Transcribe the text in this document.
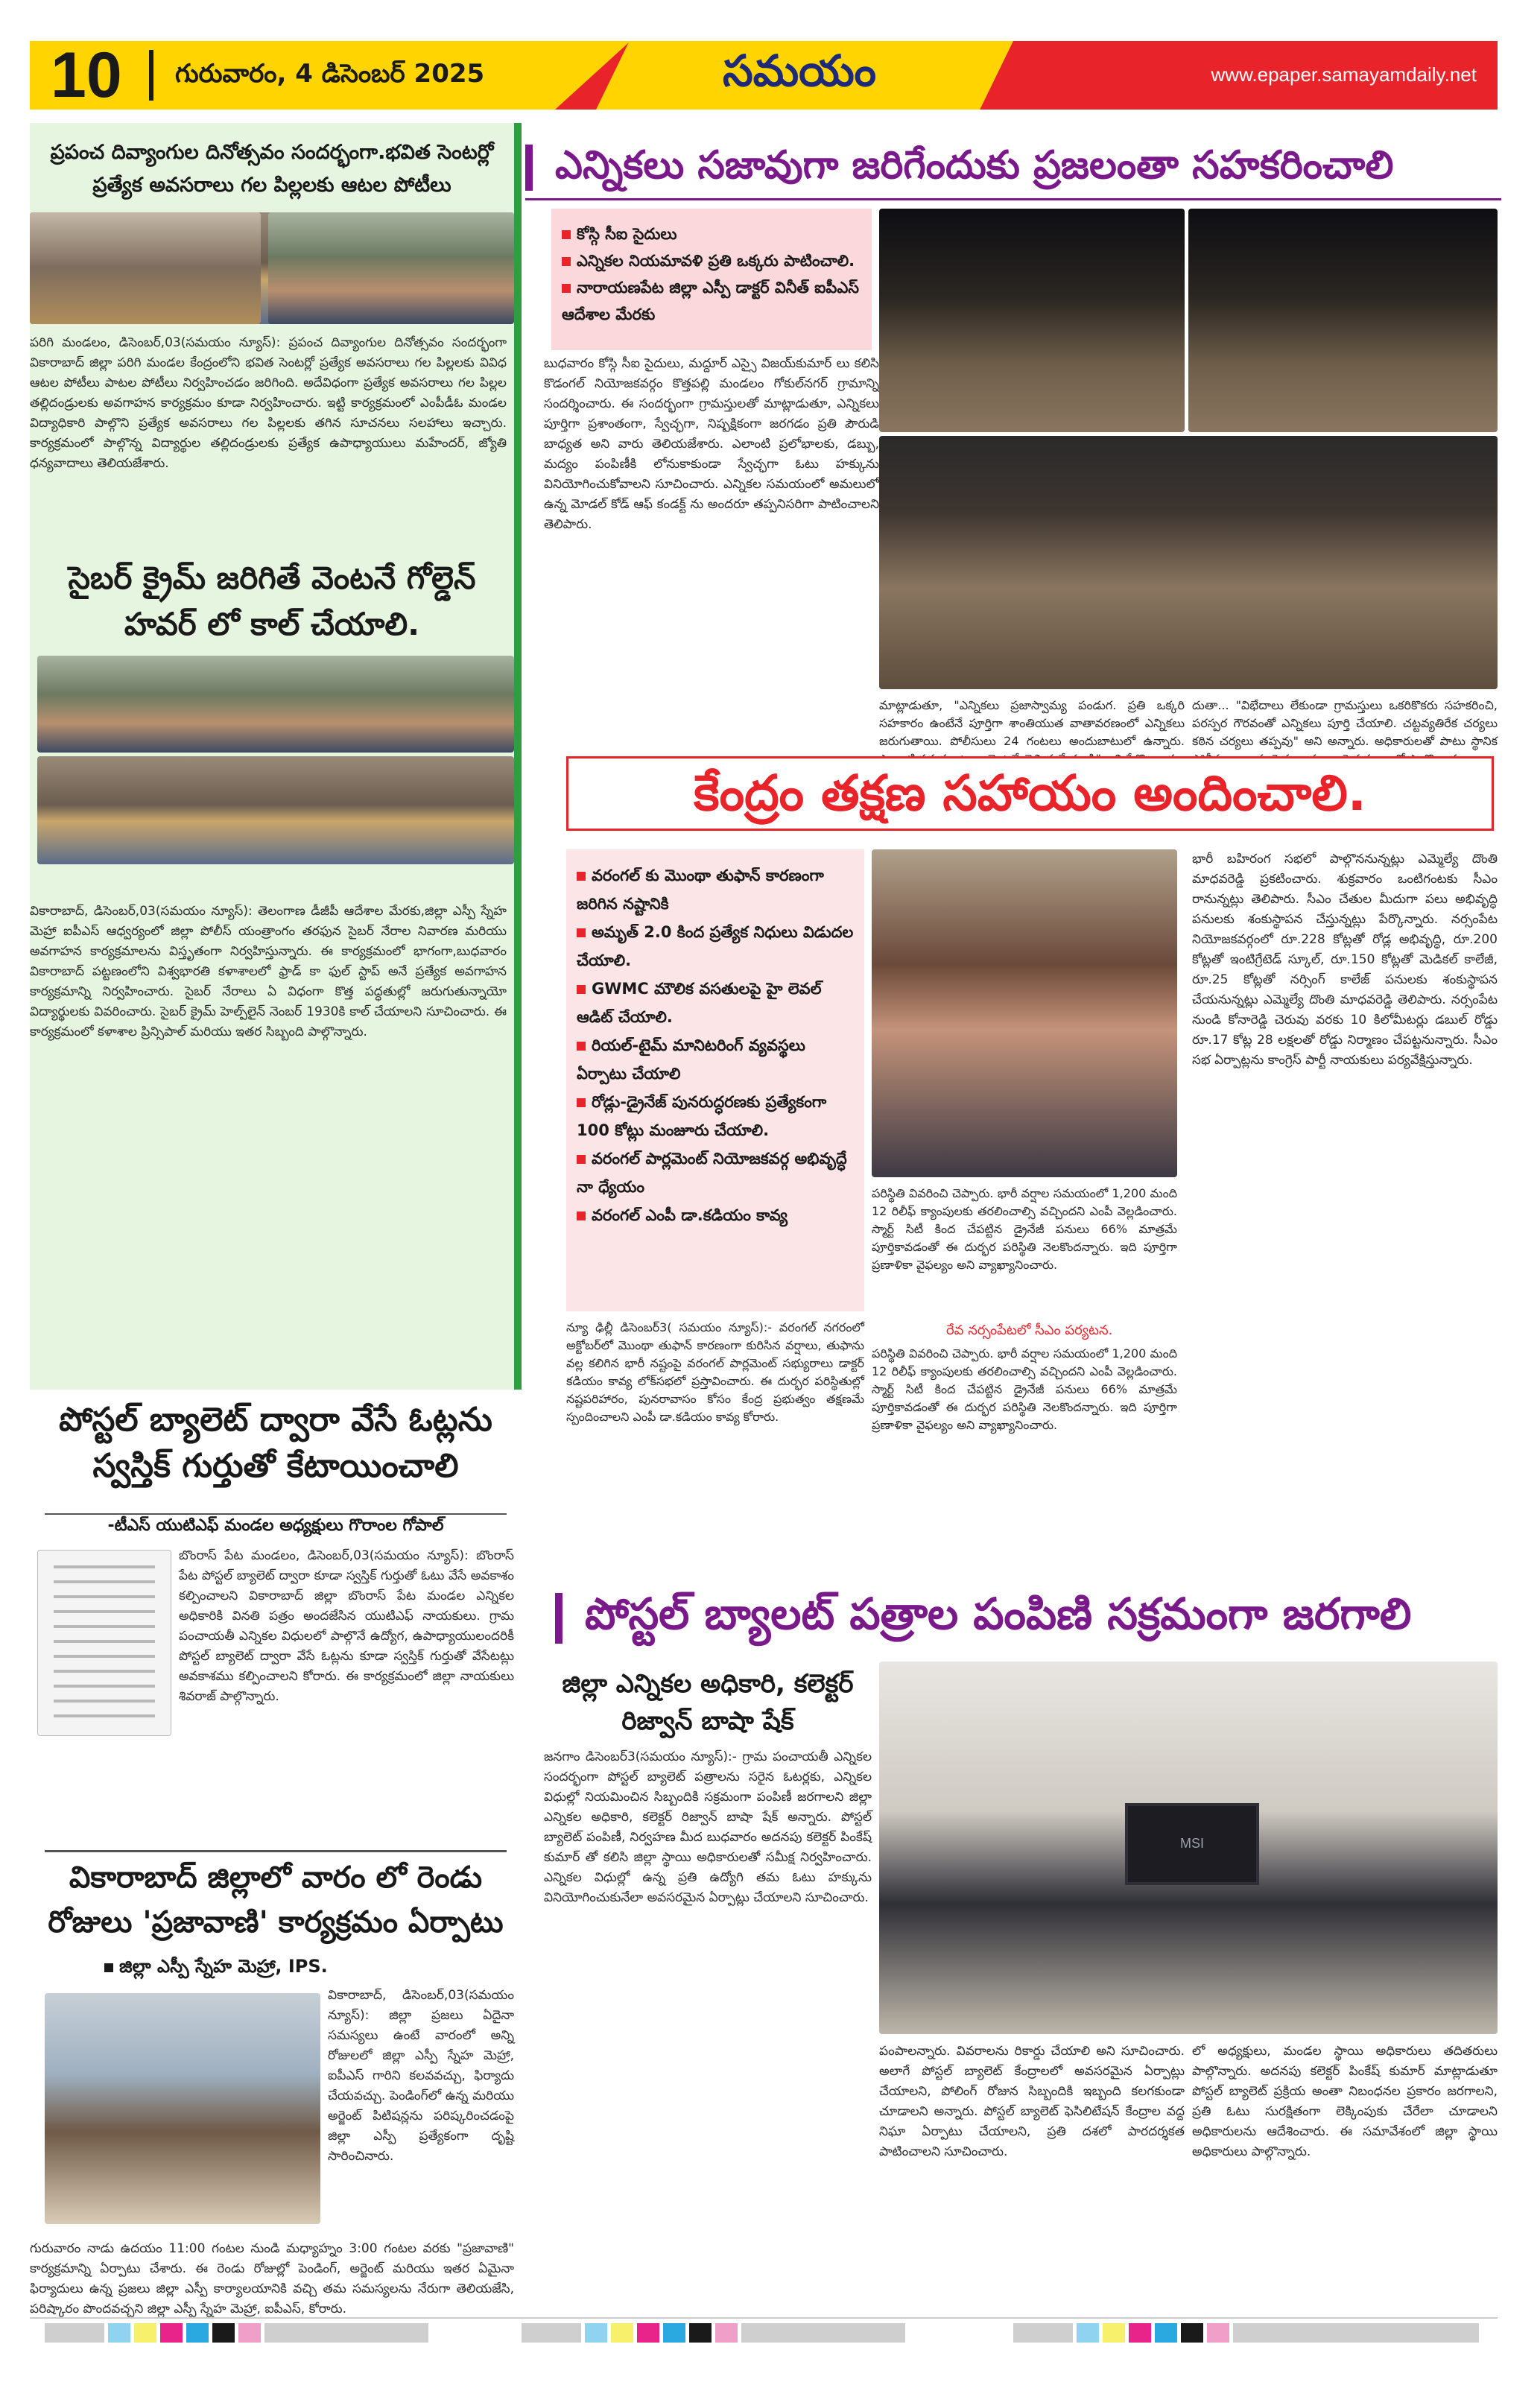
10 గురువారం, 4 డిసెంబర్ 2025	సమయం	www.epaper.samayamdaily.net
ప్రపంచ దివ్యాంగుల దినోత్సవం సందర్భంగా.భవిత సెంటర్లో ప్రత్యేక అవసరాలు గల పిల్లలకు ఆటల పోటీలు
పరిగి మండలం, డిసెంబర్,03(సమయం న్యూస్): ప్రపంచ దివ్యాంగుల దినోత్సవం సందర్భంగా వికారాబాద్ జిల్లా పరిగి మండల కేంద్రంలోని భవిత సెంటర్లో ప్రత్యేక అవసరాలు గల పిల్లలకు వివిధ ఆటల పోటీలు పాటల పోటీలు నిర్వహించడం జరిగింది. అదేవిధంగా ప్రత్యేక అవసరాలు గల పిల్లల తల్లిదండ్రులకు అవగాహన కార్యక్రమం కూడా నిర్వహించారు. ఇట్టి కార్యక్రమంలో ఎంపీడీఓ మండల విద్యాధికారి పాల్గొని ప్రత్యేక అవసరాలు గల పిల్లలకు తగిన సూచనలు సలహాలు ఇచ్చారు. కార్యక్రమంలో పాల్గొన్న విద్యార్థుల తల్లిదండ్రులకు ప్రత్యేక ఉపాధ్యాయులు మహేందర్, జ్యోతి ధన్యవాదాలు తెలియజేశారు.
సైబర్ క్రైమ్ జరిగితే వెంటనే గోల్డెన్ హవర్ లో కాల్ చేయాలి.
వికారాబాద్, డిసెంబర్,03(సమయం న్యూస్): తెలంగాణ డీజీపీ ఆదేశాల మేరకు,జిల్లా ఎస్పీ స్నేహ మెహ్రా ఐపీఎస్ ఆధ్వర్యంలో జిల్లా పోలీస్ యంత్రాంగం తరఫున సైబర్ నేరాల నివారణ మరియు అవగాహన కార్యక్రమాలను విస్తృతంగా నిర్వహిస్తున్నారు. ఈ కార్యక్రమంలో భాగంగా,బుధవారం వికారాబాద్ పట్టణంలోని విశ్వభారతి కళాశాలలో ఫ్రాడ్ కా ఫుల్ స్టాప్ అనే ప్రత్యేక అవగాహన కార్యక్రమాన్ని నిర్వహించారు. సైబర్ నేరాలు ఏ విధంగా కొత్త పద్ధతుల్లో జరుగుతున్నాయో విద్యార్థులకు వివరించారు. సైబర్ క్రైమ్ హెల్ప్‌లైన్ నెంబర్ 1930కి కాల్ చేయాలని సూచించారు. ఈ కార్యక్రమంలో కళాశాల ప్రిన్సిపాల్ మరియు ఇతర సిబ్బంది పాల్గొన్నారు.
పోస్టల్ బ్యాలెట్ ద్వారా వేసే ఓట్లను స్వస్తిక్ గుర్తుతో కేటాయించాలి
-టీఎస్ యుటిఎఫ్ మండల అధ్యక్షులు గొరాంల గోపాల్
బొంరాస్ పేట మండలం, డిసెంబర్,03(సమయం న్యూస్): బొంరాస్ పేట పోస్టల్ బ్యాలెట్ ద్వారా కూడా స్వస్తిక్ గుర్తుతో ఓటు వేసే అవకాశం కల్పించాలని వికారాబాద్ జిల్లా బొంరాస్ పేట మండల ఎన్నికల అధికారికి వినతి పత్రం అందజేసిన యుటిఎఫ్ నాయకులు. గ్రామ పంచాయతీ ఎన్నికల విధులలో పాల్గొనే ఉద్యోగ, ఉపాధ్యాయులందరికీ పోస్టల్ బ్యాలెట్ ద్వారా వేసే ఓట్లను కూడా స్వస్తిక్ గుర్తుతో వేసేటట్లు అవకాశము కల్పించాలని కోరారు. ఈ కార్యక్రమంలో జిల్లా నాయకులు శివరాజ్ పాల్గొన్నారు.
వికారాబాద్ జిల్లాలో వారం లో రెండు రోజులు 'ప్రజావాణి' కార్యక్రమం ఏర్పాటు
జిల్లా ఎస్పీ స్నేహ మెహ్రా, IPS.
వికారాబాద్, డిసెంబర్,03(సమయం న్యూస్): జిల్లా ప్రజలు ఏదైనా సమస్యలు ఉంటే వారంలో అన్ని రోజులలో జిల్లా ఎస్పీ స్నేహ మెహ్రా, ఐపీఎస్ గారిని కలవవచ్చు, ఫిర్యాదు చేయవచ్చు. పెండింగ్‌లో ఉన్న మరియు అర్జెంట్ పిటిషన్లను పరిష్కరించడంపై జిల్లా ఎస్పీ ప్రత్యేకంగా దృష్టి సారించినారు.
గురువారం నాడు ఉదయం 11:00 గంటల నుండి మధ్యాహ్నం 3:00 గంటల వరకు "ప్రజావాణి" కార్యక్రమాన్ని ఏర్పాటు చేశారు. ఈ రెండు రోజుల్లో పెండింగ్, అర్జెంట్ మరియు ఇతర ఏమైనా ఫిర్యాదులు ఉన్న ప్రజలు జిల్లా ఎస్పీ కార్యాలయానికి వచ్చి తమ సమస్యలను నేరుగా తెలియజేసి, పరిష్కారం పొందవచ్చని జిల్లా ఎస్పీ స్నేహ మెహ్రా, ఐపీఎస్, కోరారు.
ఎన్నికలు సజావుగా జరిగేందుకు ప్రజలంతా సహకరించాలి
కోస్గి సీఐ సైదులు
ఎన్నికల నియమావళి ప్రతి ఒక్కరు పాటించాలి.
నారాయణపేట జిల్లా ఎస్పీ డాక్టర్ వినీత్ ఐపీఎస్ ఆదేశాల మేరకు
బుధవారం కోస్గి సీఐ సైదులు, మద్దూర్ ఎస్సై విజయ్‌కుమార్ లు కలిసి కొడంగల్ నియోజకవర్గం కొత్తపల్లి మండలం గోకుల్‌నగర్ గ్రామాన్ని సందర్శించారు. ఈ సందర్భంగా గ్రామస్తులతో మాట్లాడుతూ, ఎన్నికలు పూర్తిగా ప్రశాంతంగా, స్వేచ్ఛగా, నిష్పక్షికంగా జరగడం ప్రతి పౌరుడి బాధ్యత అని వారు తెలియజేశారు. ఎలాంటి ప్రలోభాలకు, డబ్బు, మద్యం పంపిణీకి లోనుకాకుండా స్వేచ్ఛగా ఓటు హక్కును వినియోగించుకోవాలని సూచించారు. ఎన్నికల సమయంలో అమలులో ఉన్న మోడల్ కోడ్ ఆఫ్ కండక్ట్ ను అందరూ తప్పనిసరిగా పాటించాలని తెలిపారు.
మాట్లాడుతూ, "ఎన్నికలు ప్రజాస్వామ్య పండుగ. ప్రతి ఒక్కరి సహకారం ఉంటేనే పూర్తిగా శాంతియుత వాతావరణంలో ఎన్నికలు జరుగుతాయి. పోలీసులు 24 గంటలు అందుబాటులో ఉన్నారు.
దుతా... "విభేదాలు లేకుండా గ్రామస్తులు ఒకరికొకరు సహకరించి, పరస్పర గౌరవంతో ఎన్నికలు పూర్తి చేయాలి. చట్టవ్యతిరేక చర్యలు కఠిన చర్యలు తప్పవు" అని అన్నారు. అధికారులతో పాటు స్థానిక
కేంద్రం తక్షణ సహాయం అందించాలి.
వరంగల్ కు మొంథా తుఫాన్ కారణంగా జరిగిన నష్టానికి
అమృత్ 2.0 కింద ప్రత్యేక నిధులు విడుదల చేయాలి.
GWMC మౌలిక వసతులపై హై లెవల్ ఆడిట్ చేయాలి.
రియల్-టైమ్ మానిటరింగ్ వ్యవస్థలు ఏర్పాటు చేయాలి
రోడ్లు-డ్రైనేజ్ పునరుద్ధరణకు ప్రత్యేకంగా 100 కోట్లు మంజూరు చేయాలి.
వరంగల్ పార్లమెంట్ నియోజకవర్గ అభివృద్ధే నా ధ్యేయం
వరంగల్ ఎంపీ డా.కడియం కావ్య
పరిస్థితి వివరించి చెప్పారు. భారీ వర్షాల సమయంలో 1,200 మంది 12 రిలీఫ్ క్యాంపులకు తరలించాల్సి వచ్చిందని ఎంపీ వెల్లడించారు. స్మార్ట్ సిటీ కింద చేపట్టిన డ్రైనేజీ పనులు 66% మాత్రమే పూర్తికావడంతో ఈ దుర్భర పరిస్థితి నెలకొందన్నారు. ఇది పూర్తిగా ప్రణాళికా వైఫల్యం అని వ్యాఖ్యానించారు.
న్యూ ఢిల్లీ డిసెంబర్3( సమయం న్యూస్):- వరంగల్ నగరంలో అక్టోబర్‌లో మొంథా తుఫాన్ కారణంగా కురిసిన వర్షాలు, తుఫాను వల్ల కలిగిన భారీ నష్టంపై వరంగల్ పార్లమెంట్ సభ్యురాలు డాక్టర్ కడియం కావ్య లోక్‌సభలో ప్రస్తావించారు. ఈ దుర్భర పరిస్థితుల్లో నష్టపరిహారం, పునరావాసం కోసం కేంద్ర ప్రభుత్వం తక్షణమే స్పందించాలని ఎంపీ డా.కడియం కావ్య కోరారు.
రేవ నర్సంపేటలో సీఎం పర్యటన.
పరిస్థితి వివరించి చెప్పారు. భారీ వర్షాల సమయంలో 1,200 మంది 12 రిలీఫ్ క్యాంపులకు తరలించాల్సి వచ్చిందని ఎంపీ వెల్లడించారు. స్మార్ట్ సిటీ కింద చేపట్టిన డ్రైనేజీ పనులు 66% మాత్రమే పూర్తికావడంతో ఈ దుర్భర పరిస్థితి నెలకొందన్నారు. ఇది పూర్తిగా ప్రణాళికా వైఫల్యం అని వ్యాఖ్యానించారు.
భారీ బహిరంగ సభలో పాల్గొననున్నట్లు ఎమ్మెల్యే దొంతి మాధవరెడ్డి ప్రకటించారు. శుక్రవారం ఒంటిగంటకు సీఎం రానున్నట్లు తెలిపారు. సీఎం చేతుల మీదుగా పలు అభివృద్ధి పనులకు శంకుస్థాపన చేస్తున్నట్లు పేర్కొన్నారు. నర్సంపేట నియోజకవర్గంలో రూ.228 కోట్లతో రోడ్ల అభివృద్ధి, రూ.200 కోట్లతో ఇంటిగ్రేటెడ్ స్కూల్, రూ.150 కోట్లతో మెడికల్ కాలేజీ, రూ.25 కోట్లతో నర్సింగ్ కాలేజ్ పనులకు శంకుస్థాపన చేయనున్నట్లు ఎమ్మెల్యే దొంతి మాధవరెడ్డి తెలిపారు. నర్సంపేట నుండి కోనారెడ్డి చెరువు వరకు 10 కిలోమీటర్లు డబుల్ రోడ్డు రూ.17 కోట్ల 28 లక్షలతో రోడ్డు నిర్మాణం చేపట్టనున్నారు. సీఎం సభ ఏర్పాట్లను కాంగ్రెస్ పార్టీ నాయకులు పర్యవేక్షిస్తున్నారు.
పోస్టల్ బ్యాలట్ పత్రాల పంపిణి సక్రమంగా జరగాలి
జిల్లా ఎన్నికల అధికారి, కలెక్టర్ రిజ్వాన్ బాషా షేక్
జనగాం డిసెంబర్3(సమయం న్యూస్):- గ్రామ పంచాయతీ ఎన్నికల సందర్భంగా పోస్టల్ బ్యాలెట్ పత్రాలను సరైన ఓటర్లకు, ఎన్నికల విధుల్లో నియమించిన సిబ్బందికి సక్రమంగా పంపిణీ జరగాలని జిల్లా ఎన్నికల అధికారి, కలెక్టర్ రిజ్వాన్ బాషా షేక్ అన్నారు. పోస్టల్ బ్యాలెట్ పంపిణీ, నిర్వహణ మీద బుధవారం అదనపు కలెక్టర్ పింకేష్ కుమార్ తో కలిసి జిల్లా స్థాయి అధికారులతో సమీక్ష నిర్వహించారు. ఎన్నికల విధుల్లో ఉన్న ప్రతి ఉద్యోగి తమ ఓటు హక్కును వినియోగించుకునేలా అవసరమైన ఏర్పాట్లు చేయాలని సూచించారు.
MSI
పంపాలన్నారు. వివరాలను రికార్డు చేయాలి అని సూచించారు. అలాగే పోస్టల్ బ్యాలెట్ కేంద్రాలలో అవసరమైన ఏర్పాట్లు చేయాలని, పోలింగ్ రోజున సిబ్బందికి ఇబ్బంది కలగకుండా చూడాలని అన్నారు. పోస్టల్ బ్యాలెట్ ఫెసిలిటేషన్ కేంద్రాల వద్ద నిఘా ఏర్పాటు చేయాలని, ప్రతి దశలో పారదర్శకత పాటించాలని సూచించారు.
లో అధ్యక్షులు, మండల స్థాయి అధికారులు తదితరులు పాల్గొన్నారు. అదనపు కలెక్టర్ పింకేష్ కుమార్ మాట్లాడుతూ పోస్టల్ బ్యాలెట్ ప్రక్రియ అంతా నిబంధనల ప్రకారం జరగాలని, ప్రతి ఓటు సురక్షితంగా లెక్కింపుకు చేరేలా చూడాలని అధికారులను ఆదేశించారు. ఈ సమావేశంలో జిల్లా స్థాయి అధికారులు పాల్గొన్నారు.
